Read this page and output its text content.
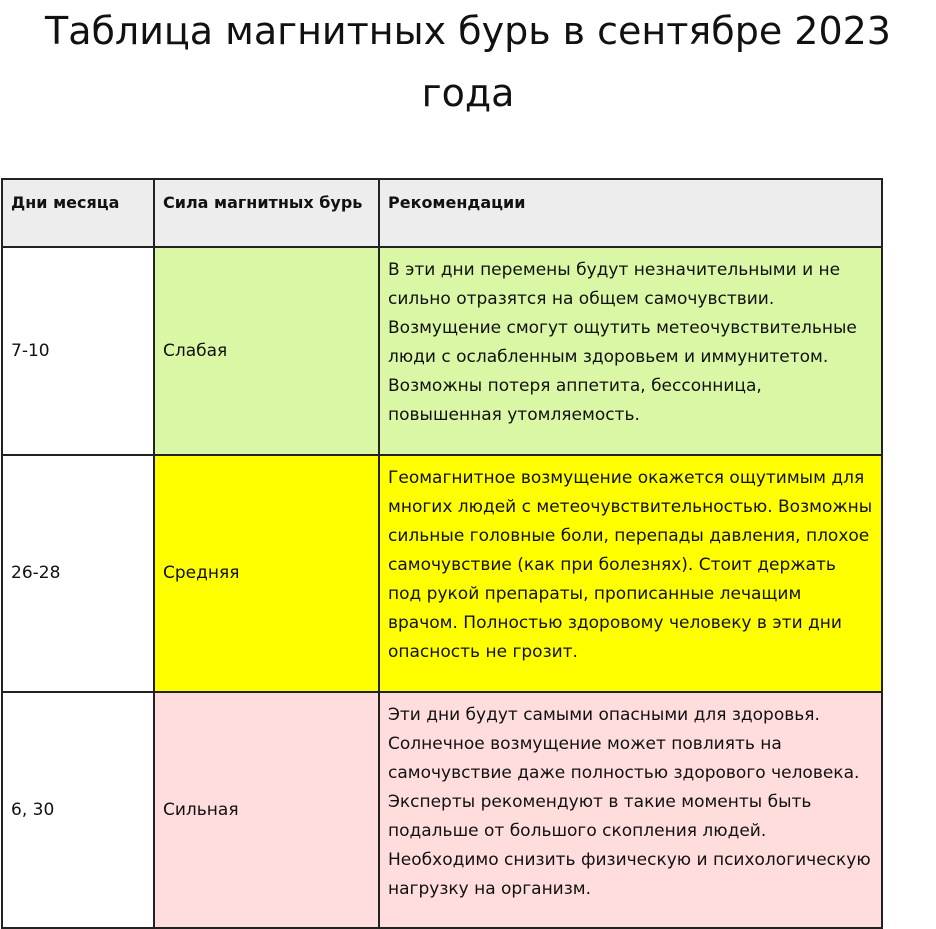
Таблица магнитных бурь в сентябре 2023 года
Дни месяца	Сила магнитных бурь	Рекомендации
7-10	Слабая	В эти дни перемены будут незначительными и не сильно отразятся на общем самочувствии. Возмущение смогут ощутить метеочувствительные люди с ослабленным здоровьем и иммунитетом. Возможны потеря аппетита, бессонница, повышенная утомляемость.
26-28	Средняя	Геомагнитное возмущение окажется ощутимым для многих людей с метеочувствительностью. Возможны сильные головные боли, перепады давления, плохое самочувствие (как при болезнях). Стоит держать под рукой препараты, прописанные лечащим врачом. Полностью здоровому человеку в эти дни опасность не грозит.
6, 30	Сильная	Эти дни будут самыми опасными для здоровья. Солнечное возмущение может повлиять на самочувствие даже полностью здорового человека. Эксперты рекомендуют в такие моменты быть подальше от большого скопления людей. Необходимо снизить физическую и психологическую нагрузку на организм.
